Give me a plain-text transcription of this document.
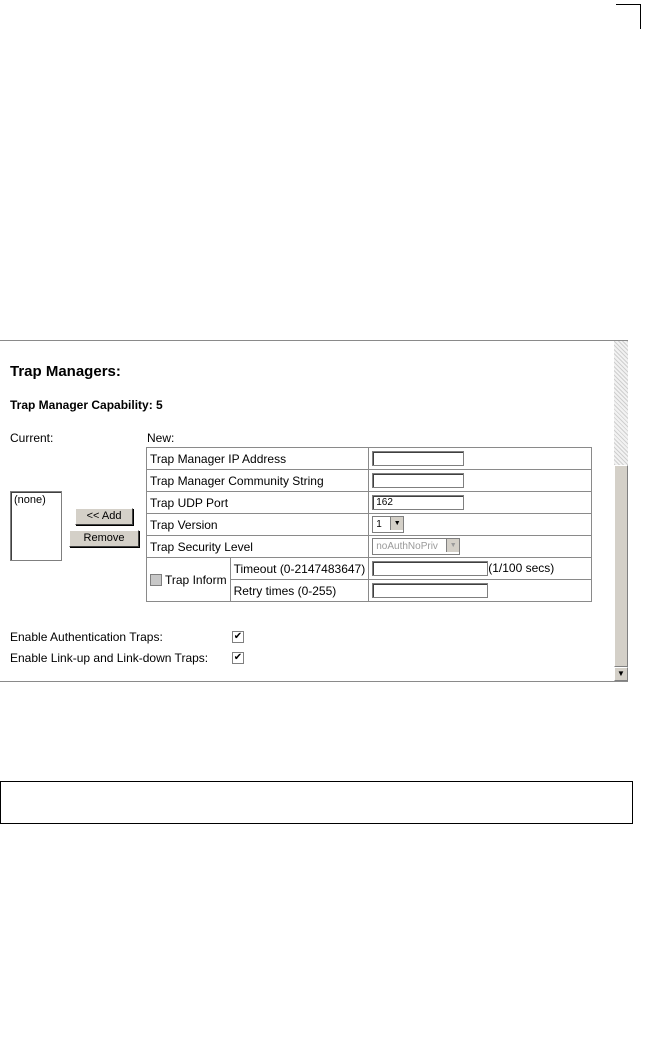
Trap Managers:
Trap Manager Capability: 5
Current:	New:
(none)
<< Add
Remove
Trap Manager IP Address		

Trap Manager Community String		

Trap UDP Port		162

Trap Version		1 ▼

Trap Security Level		noAuthNoPriv ▼

Trap Inform	Timeout (0-2147483647)	(1/100 secs)
	Retry times (0-255)	
Enable Authentication Traps:	✔
Enable Link-up and Link-down Traps:	✔
▼
